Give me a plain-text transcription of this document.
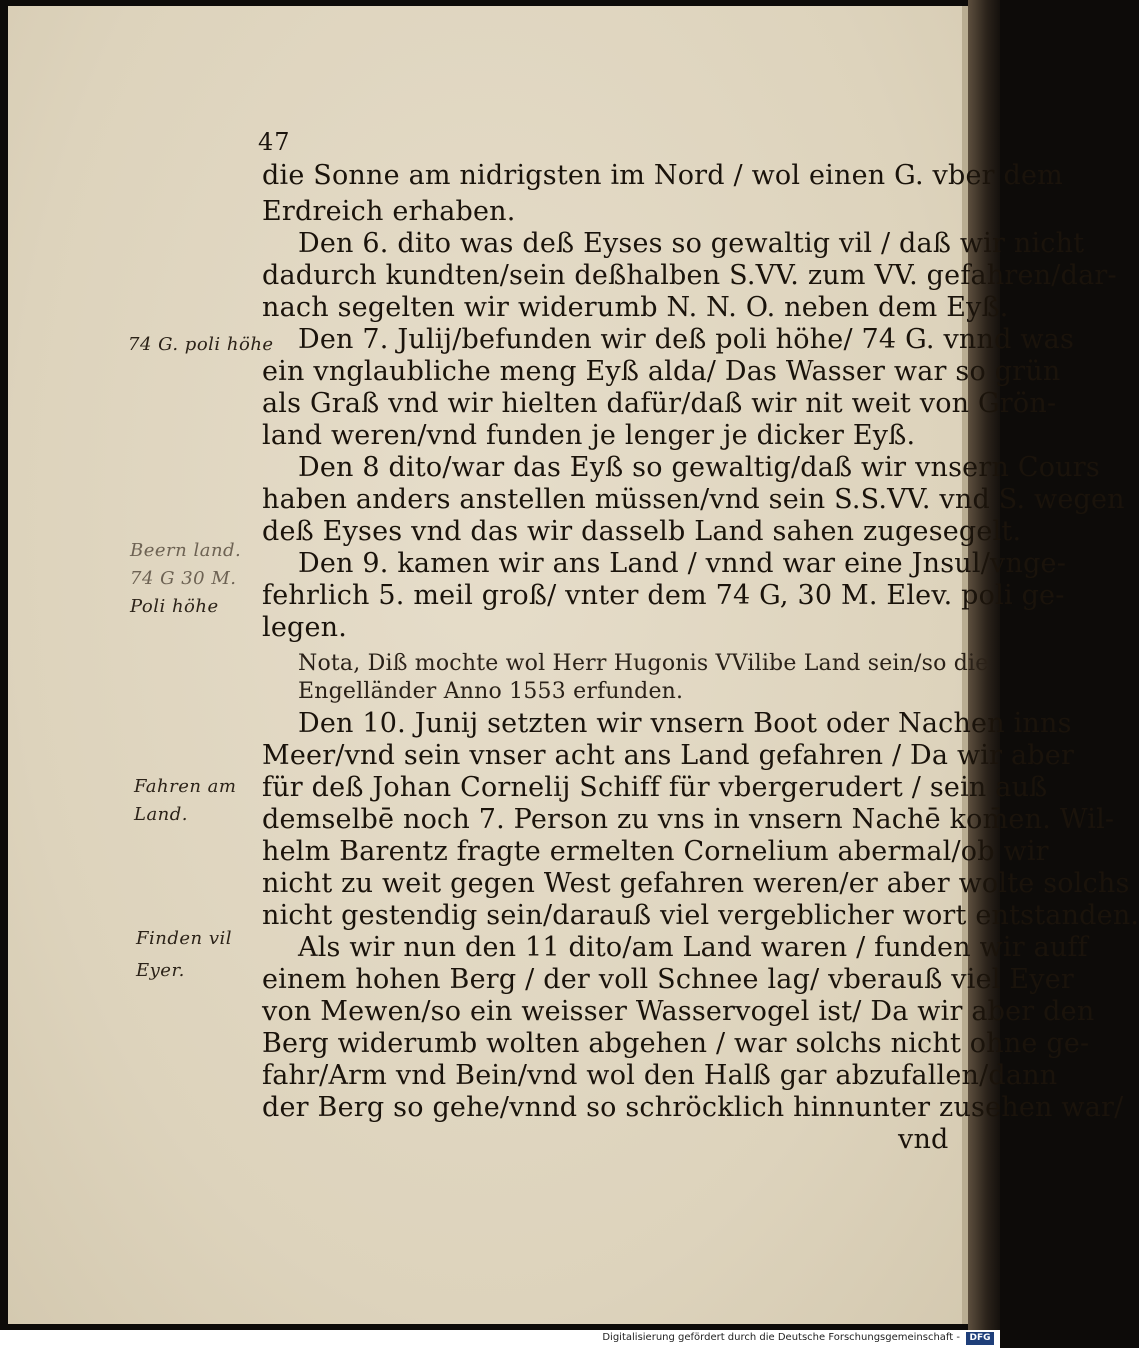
47
die Sonne am nidrigsten im Nord / wol einen G. vber dem
Erdreich erhaben.
Den 6. dito was deß Eyses so gewaltig vil / daß wir nicht
dadurch kundten/sein deßhalben S.VV. zum VV. gefahren/dar-
nach segelten wir widerumb N. N. O. neben dem Eyß.
Den 7. Julij/befunden wir deß poli höhe/ 74 G. vnnd was
ein vnglaubliche meng Eyß alda/ Das Wasser war so grün
als Graß vnd wir hielten dafür/daß wir nit weit von Grön-
land weren/vnd funden je lenger je dicker Eyß.
Den 8 dito/war das Eyß so gewaltig/daß wir vnsern Cours
haben anders anstellen müssen/vnd sein S.S.VV. vnd S. wegen
deß Eyses vnd das wir dasselb Land sahen zugesegelt.
Den 9. kamen wir ans Land / vnnd war eine Jnsul/vnge-
fehrlich 5. meil groß/ vnter dem 74 G, 30 M. Elev. poli ge-
legen.
Nota, Diß mochte wol Herr Hugonis VVilibe Land sein/so die
Engelländer Anno 1553 erfunden.
Den 10. Junij setzten wir vnsern Boot oder Nachen inns
Meer/vnd sein vnser acht ans Land gefahren / Da wir aber
für deß Johan Cornelij Schiff für vbergerudert / sein auß
demselbē noch 7. Person zu vns in vnsern Nachē kom̄en. Wil-
helm Barentz fragte ermelten Cornelium abermal/ob wir
nicht zu weit gegen West gefahren weren/er aber wolte solchs
nicht gestendig sein/darauß viel vergeblicher wort entstanden.
Als wir nun den 11 dito/am Land waren / funden wir auff
einem hohen Berg / der voll Schnee lag/ vberauß viel Eyer
von Mewen/so ein weisser Wasservogel ist/ Da wir aber den
Berg widerumb wolten abgehen / war solchs nicht ohne ge-
fahr/Arm vnd Bein/vnd wol den Halß gar abzufallen/dann
der Berg so gehe/vnnd so schröcklich hinnunter zusehen war/
vnd
74 G. poli höhe
Beern land.
74 G 30 M.
Poli höhe
Fahren am
Land.
Finden vil
Eyer.
Digitalisierung gefördert durch die Deutsche Forschungsgemeinschaft -	DFG
